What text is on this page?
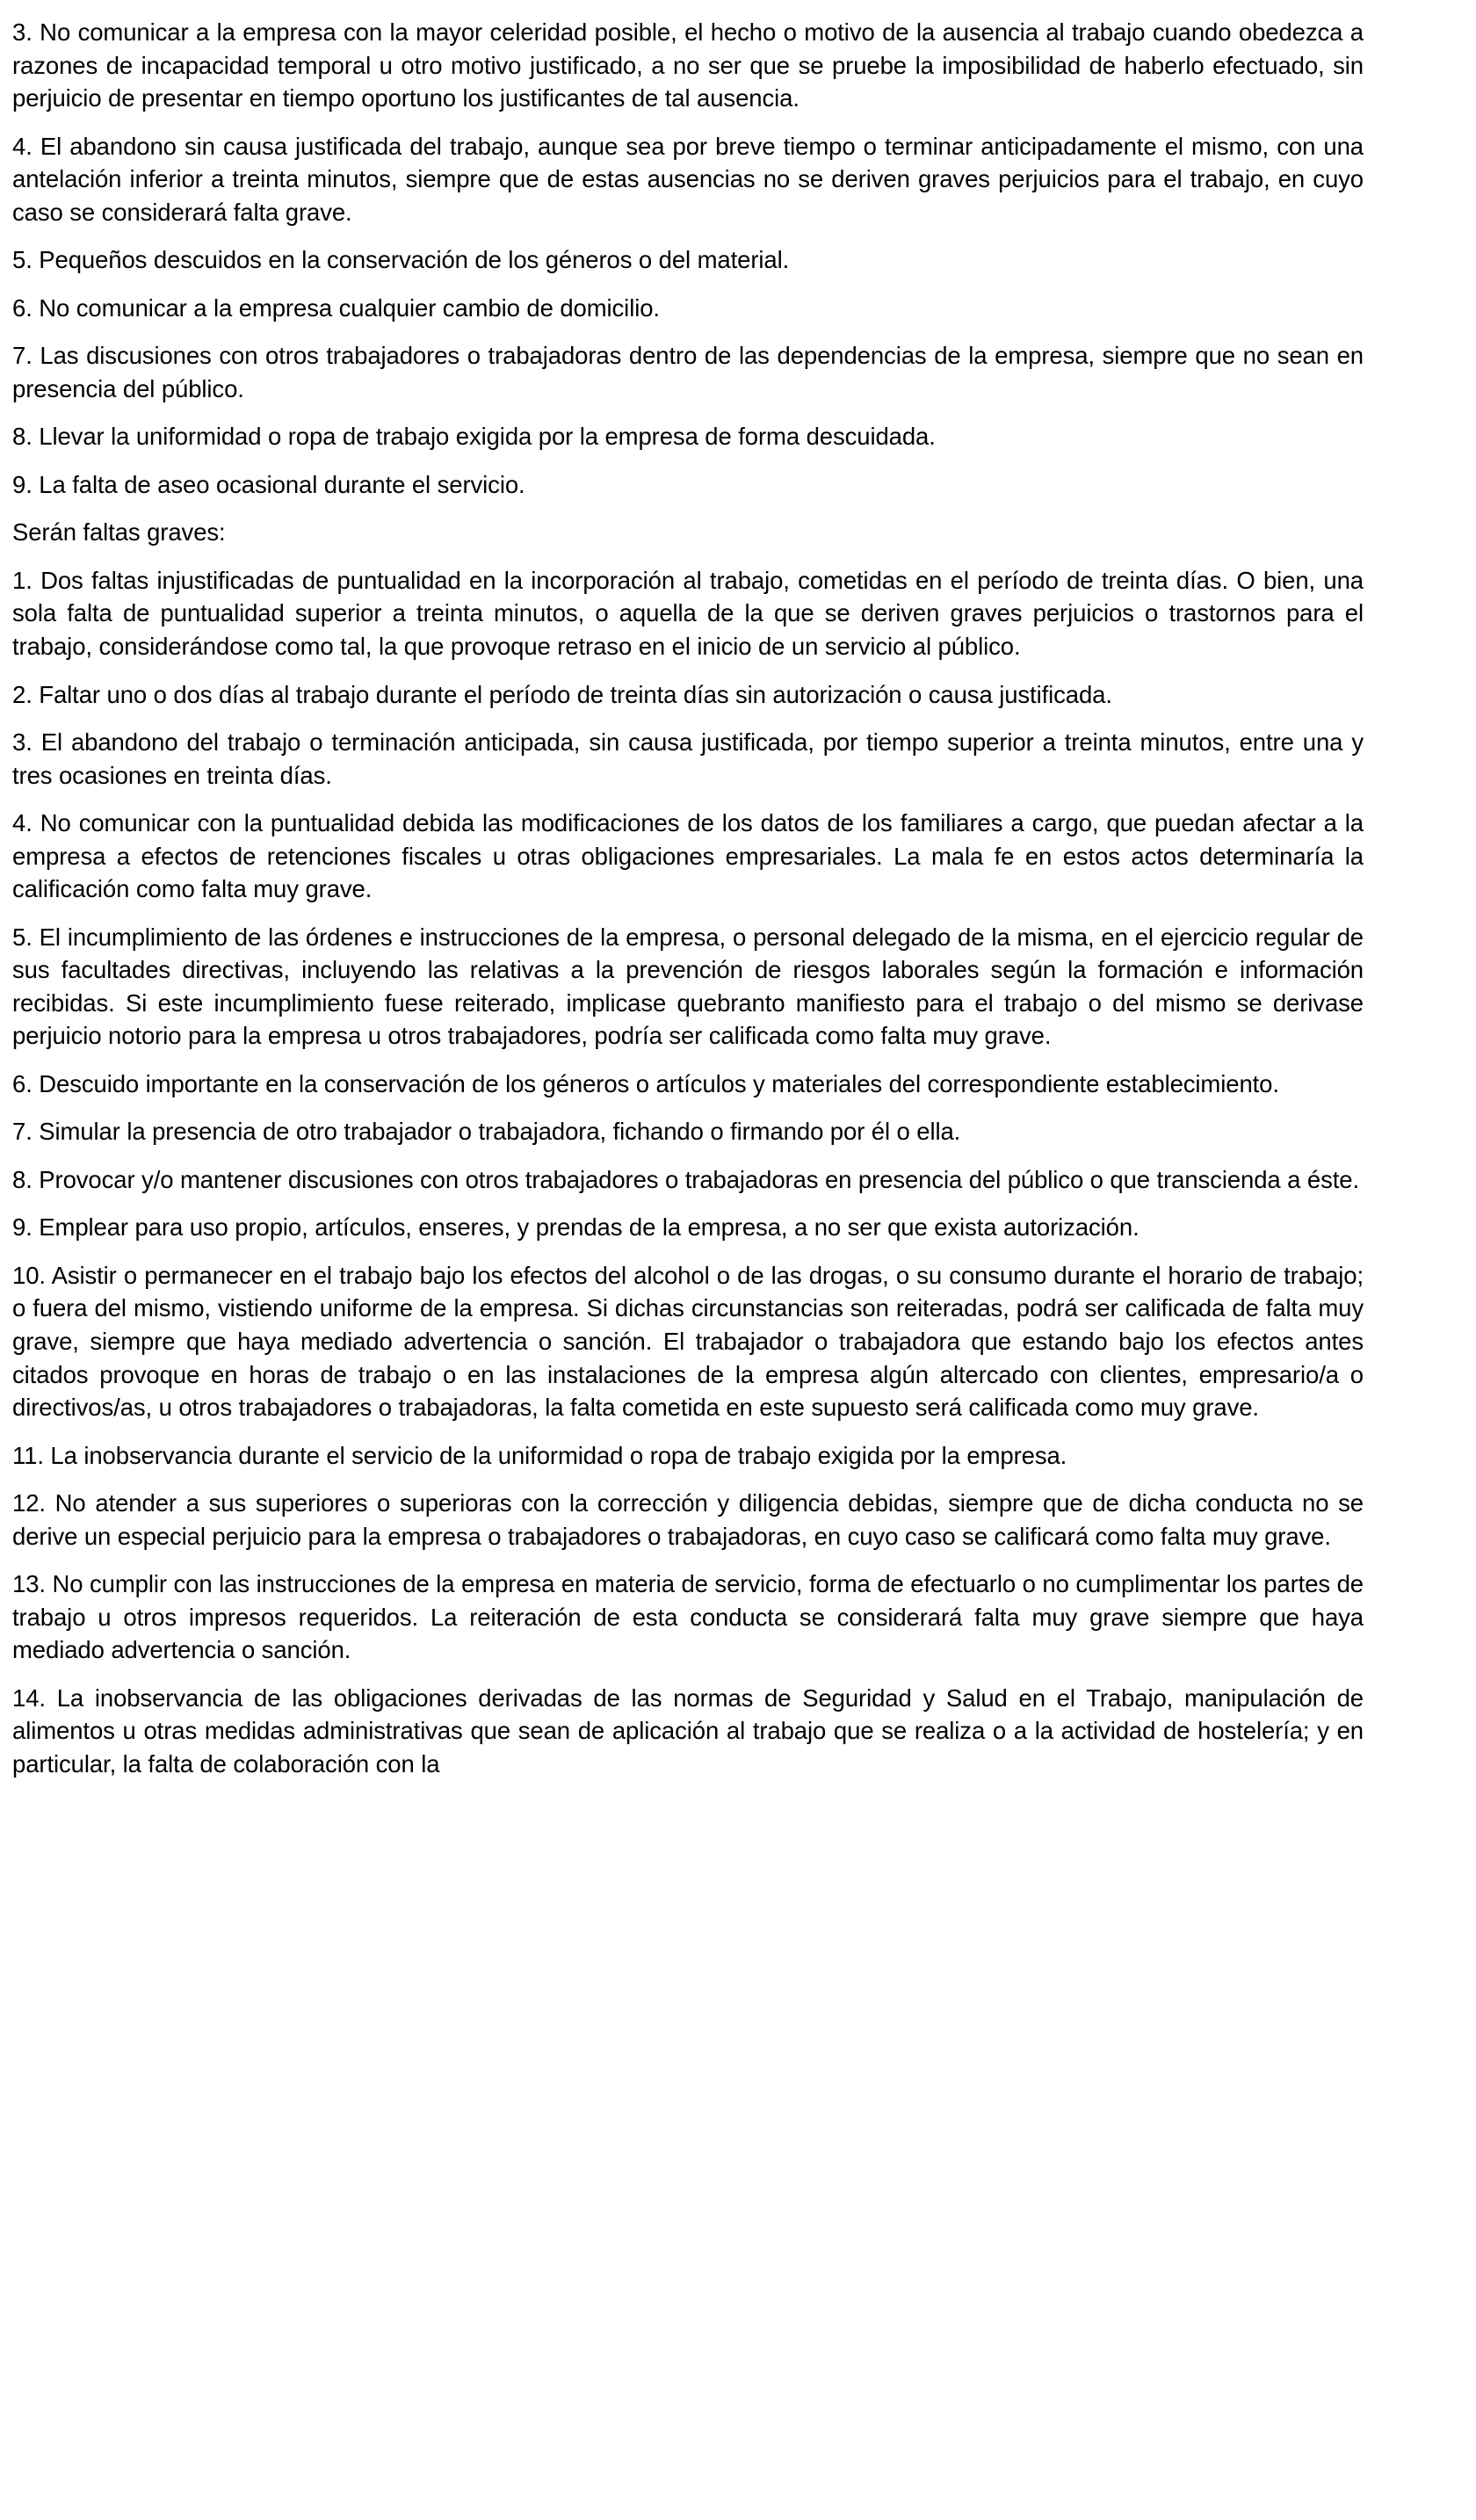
3. No comunicar a la empresa con la mayor celeridad posible, el hecho o motivo de la ausencia al trabajo cuando obedezca a razones de incapacidad temporal u otro motivo justificado, a no ser que se pruebe la imposibilidad de haberlo efectuado, sin perjuicio de presentar en tiempo oportuno los justificantes de tal ausencia.

4. El abandono sin causa justificada del trabajo, aunque sea por breve tiempo o terminar anticipadamente el mismo, con una antelación inferior a treinta minutos, siempre que de estas ausencias no se deriven graves perjuicios para el trabajo, en cuyo caso se considerará falta grave.

5. Pequeños descuidos en la conservación de los géneros o del material.

6. No comunicar a la empresa cualquier cambio de domicilio.

7. Las discusiones con otros trabajadores o trabajadoras dentro de las dependencias de la empresa, siempre que no sean en presencia del público.

8. Llevar la uniformidad o ropa de trabajo exigida por la empresa de forma descuidada.

9. La falta de aseo ocasional durante el servicio.

Serán faltas graves:

1. Dos faltas injustificadas de puntualidad en la incorporación al trabajo, cometidas en el período de treinta días. O bien, una sola falta de puntualidad superior a treinta minutos, o aquella de la que se deriven graves perjuicios o trastornos para el trabajo, considerándose como tal, la que provoque retraso en el inicio de un servicio al público.

2. Faltar uno o dos días al trabajo durante el período de treinta días sin autorización o causa justificada.

3. El abandono del trabajo o terminación anticipada, sin causa justificada, por tiempo superior a treinta minutos, entre una y tres ocasiones en treinta días.

4. No comunicar con la puntualidad debida las modificaciones de los datos de los familiares a cargo, que puedan afectar a la empresa a efectos de retenciones fiscales u otras obligaciones empresariales. La mala fe en estos actos determinaría la calificación como falta muy grave.

5. El incumplimiento de las órdenes e instrucciones de la empresa, o personal delegado de la misma, en el ejercicio regular de sus facultades directivas, incluyendo las relativas a la prevención de riesgos laborales según la formación e información recibidas. Si este incumplimiento fuese reiterado, implicase quebranto manifiesto para el trabajo o del mismo se derivase perjuicio notorio para la empresa u otros trabajadores, podría ser calificada como falta muy grave.

6. Descuido importante en la conservación de los géneros o artículos y materiales del correspondiente establecimiento.

7. Simular la presencia de otro trabajador o trabajadora, fichando o firmando por él o ella.

8. Provocar y/o mantener discusiones con otros trabajadores o trabajadoras en presencia del público o que transcienda a éste.

9. Emplear para uso propio, artículos, enseres, y prendas de la empresa, a no ser que exista autorización.

10. Asistir o permanecer en el trabajo bajo los efectos del alcohol o de las drogas, o su consumo durante el horario de trabajo; o fuera del mismo, vistiendo uniforme de la empresa. Si dichas circunstancias son reiteradas, podrá ser calificada de falta muy grave, siempre que haya mediado advertencia o sanción. El trabajador o trabajadora que estando bajo los efectos antes citados provoque en horas de trabajo o en las instalaciones de la empresa algún altercado con clientes, empresario/a o directivos/as, u otros trabajadores o trabajadoras, la falta cometida en este supuesto será calificada como muy grave.

11. La inobservancia durante el servicio de la uniformidad o ropa de trabajo exigida por la empresa.

12. No atender a sus superiores o superioras con la corrección y diligencia debidas, siempre que de dicha conducta no se derive un especial perjuicio para la empresa o trabajadores o trabajadoras, en cuyo caso se calificará como falta muy grave.

13. No cumplir con las instrucciones de la empresa en materia de servicio, forma de efectuarlo o no cumplimentar los partes de trabajo u otros impresos requeridos. La reiteración de esta conducta se considerará falta muy grave siempre que haya mediado advertencia o sanción.

14. La inobservancia de las obligaciones derivadas de las normas de Seguridad y Salud en el Trabajo, manipulación de alimentos u otras medidas administrativas que sean de aplicación al trabajo que se realiza o a la actividad de hostelería; y en particular, la falta de colaboración con la
